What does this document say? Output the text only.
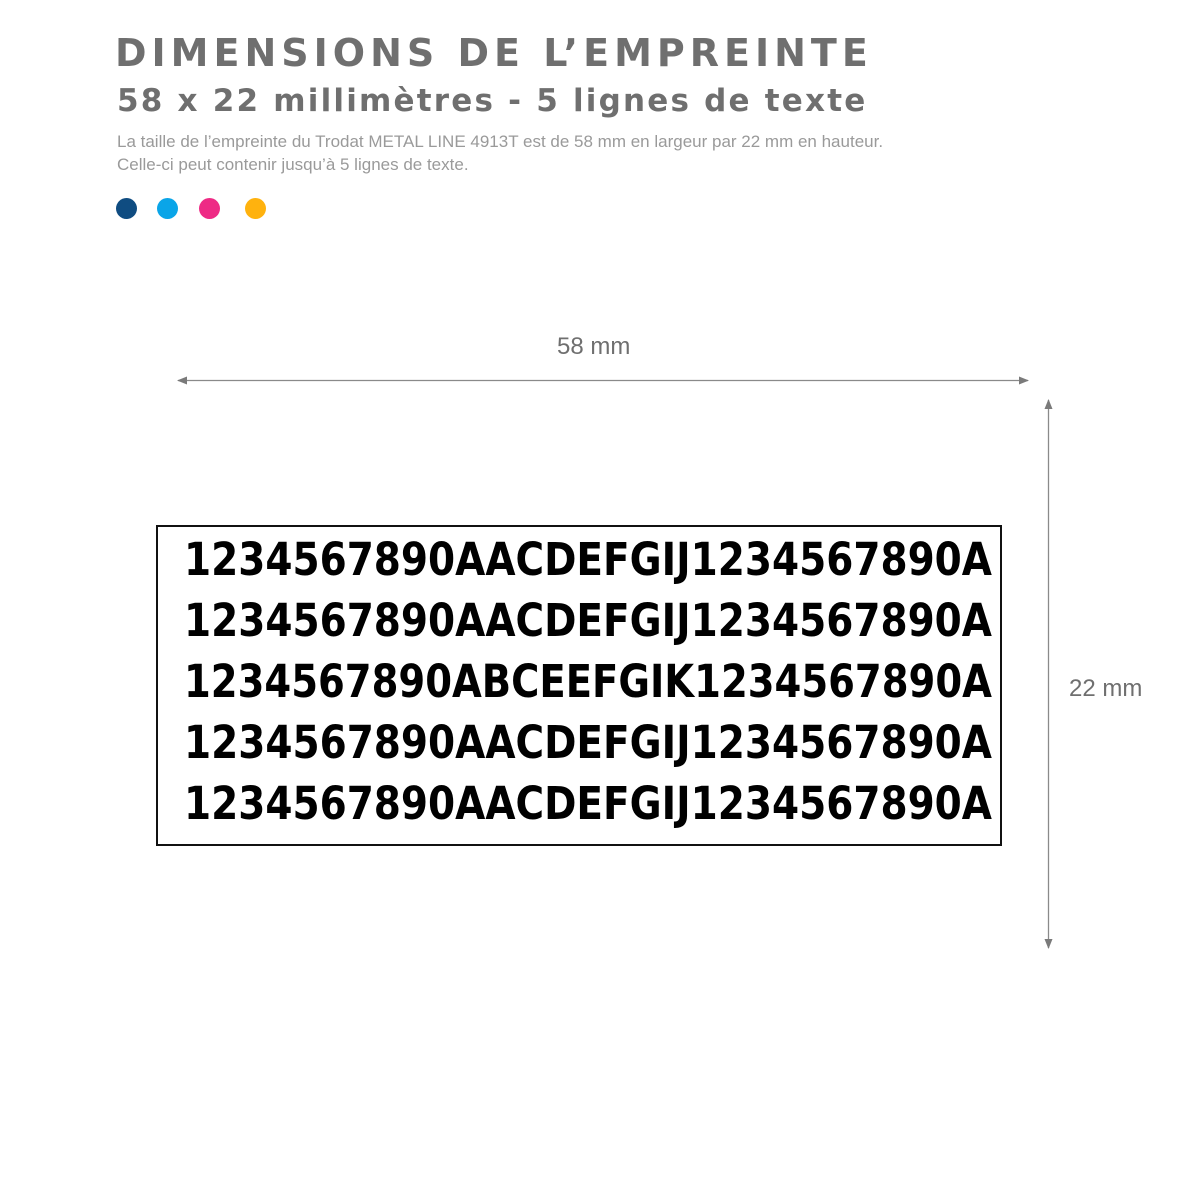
DIMENSIONS DE L’EMPREINTE
58 x 22 millimètres - 5 lignes de texte

La taille de l’empreinte du Trodat METAL LINE 4913T est de 58 mm en largeur par 22 mm en hauteur.
Celle-ci peut contenir jusqu’à 5 lignes de texte.

58 mm
22 mm
1234567890AACDEFGIJ1234567890A
1234567890AACDEFGIJ1234567890A
1234567890ABCEEFGIK1234567890A
1234567890AACDEFGIJ1234567890A
1234567890AACDEFGIJ1234567890A
